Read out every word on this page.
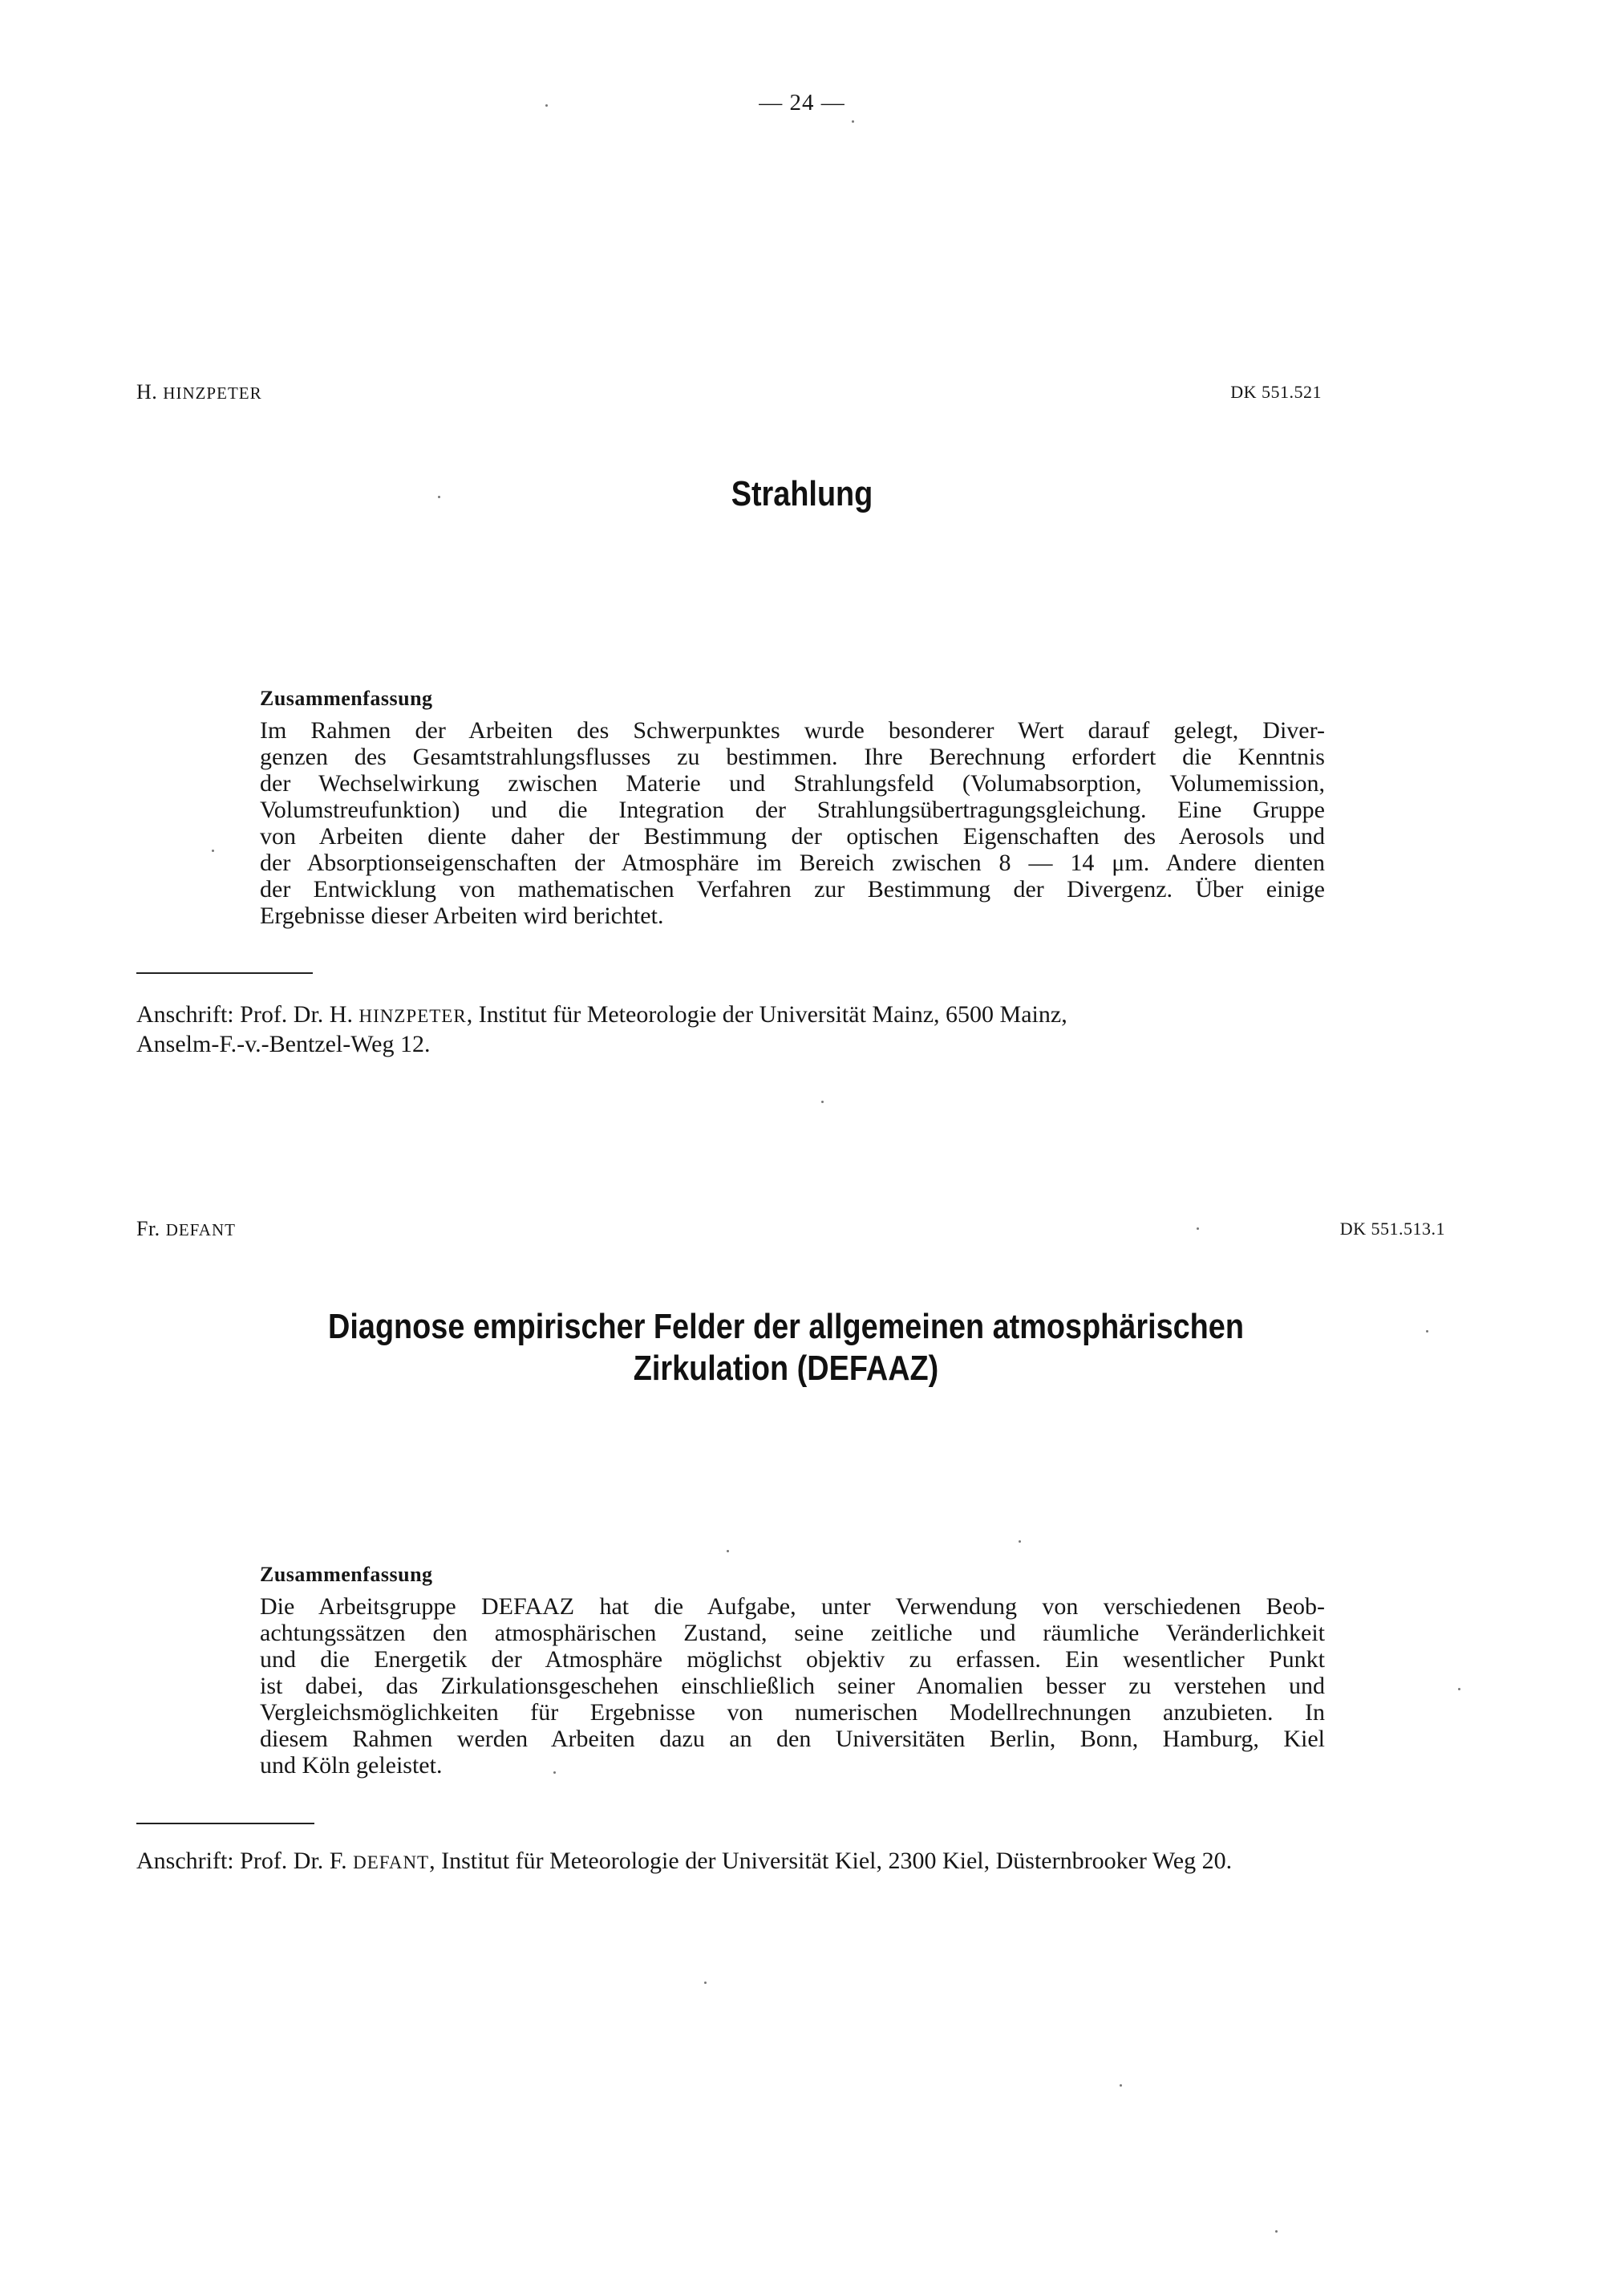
— 24 —
H. HINZPETER	DK 551.521
Strahlung
Zusammenfassung
Im Rahmen der Arbeiten des Schwerpunktes wurde besonderer Wert darauf gelegt, Diver-
genzen des Gesamtstrahlungsflusses zu bestimmen. Ihre Berechnung erfordert die Kenntnis
der Wechselwirkung zwischen Materie und Strahlungsfeld (Volumabsorption, Volumemission,
Volumstreufunktion) und die Integration der Strahlungsübertragungsgleichung. Eine Gruppe
von Arbeiten diente daher der Bestimmung der optischen Eigenschaften des Aerosols und
der Absorptionseigenschaften der Atmosphäre im Bereich zwischen 8 — 14 μm. Andere dienten
der Entwicklung von mathematischen Verfahren zur Bestimmung der Divergenz. Über einige
Ergebnisse dieser Arbeiten wird berichtet.
Anschrift: Prof. Dr. H. HINZPETER, Institut für Meteorologie der Universität Mainz, 6500 Mainz,
Anselm-F.-v.-Bentzel-Weg 12.
Fr. DEFANT	DK 551.513.1
Diagnose empirischer Felder der allgemeinen atmosphärischen
Zirkulation (DEFAAZ)
Zusammenfassung
Die Arbeitsgruppe DEFAAZ hat die Aufgabe, unter Verwendung von verschiedenen Beob-
achtungssätzen den atmosphärischen Zustand, seine zeitliche und räumliche Veränderlichkeit
und die Energetik der Atmosphäre möglichst objektiv zu erfassen. Ein wesentlicher Punkt
ist dabei, das Zirkulationsgeschehen einschließlich seiner Anomalien besser zu verstehen und
Vergleichsmöglichkeiten für Ergebnisse von numerischen Modellrechnungen anzubieten. In
diesem Rahmen werden Arbeiten dazu an den Universitäten Berlin, Bonn, Hamburg, Kiel
und Köln geleistet.
Anschrift: Prof. Dr. F. DEFANT, Institut für Meteorologie der Universität Kiel, 2300 Kiel, Düsternbrooker Weg 20.
